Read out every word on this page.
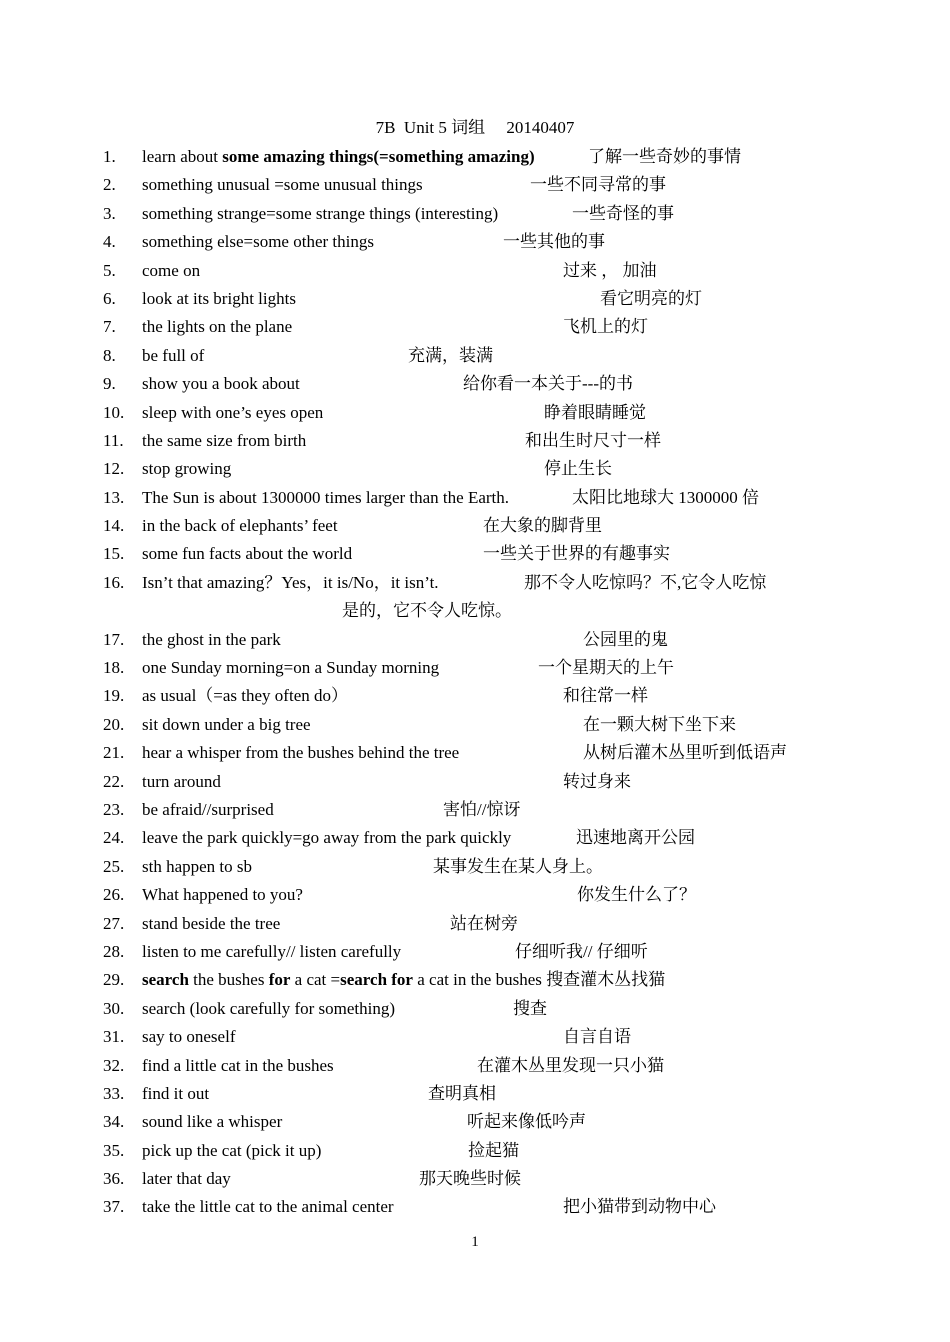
7B  Unit 5 词组     20140407
1. learn about some amazing things(=something amazing)	了解一些奇妙的事情
2. something unusual =some unusual things	一些不同寻常的事
3. something strange=some strange things (interesting)	一些奇怪的事
4. something else=some other things	一些其他的事
5. come on	过来 ， 加油
6. look at its bright lights	看它明亮的灯
7. the lights on the plane	飞机上的灯
8. be full of	充满，装满
9. show you a book about	给你看一本关于---的书
10. sleep with one’s eyes open	睁着眼睛睡觉
11. the same size from birth	和出生时尺寸一样
12. stop growing	停止生长
13. The Sun is about 1300000 times larger than the Earth.	太阳比地球大 1300000 倍
14. in the back of elephants’ feet	在大象的脚背里
15. some fun facts about the world	一些关于世界的有趣事实
16. Isn’t that amazing？Yes，it is/No，it isn’t.	那不令人吃惊吗？不,它令人吃惊
是的，它不令人吃惊。
17. the ghost in the park	公园里的鬼
18. one Sunday morning=on a Sunday morning	一个星期天的上午
19. as usual（=as they often do）	和往常一样
20. sit down under a big tree	在一颗大树下坐下来
21. hear a whisper from the bushes behind the tree	从树后灌木丛里听到低语声
22. turn around	转过身来
23. be afraid//surprised	害怕//惊讶
24. leave the park quickly=go away from the park quickly	迅速地离开公园
25. sth happen to sb	某事发生在某人身上。
26. What happened to you?	你发生什么了？
27. stand beside the tree	站在树旁
28. listen to me carefully// listen carefully	仔细听我// 仔细听
29. search the bushes for a cat =search for a cat in the bushes 搜查灌木丛找猫
30. search (look carefully for something)	搜查
31. say to oneself	自言自语
32. find a little cat in the bushes	在灌木丛里发现一只小猫
33. find it out	查明真相
34. sound like a whisper	听起来像低吟声
35. pick up the cat (pick it up)	捡起猫
36. later that day	那天晚些时候
37. take the little cat to the animal center	把小猫带到动物中心
1
